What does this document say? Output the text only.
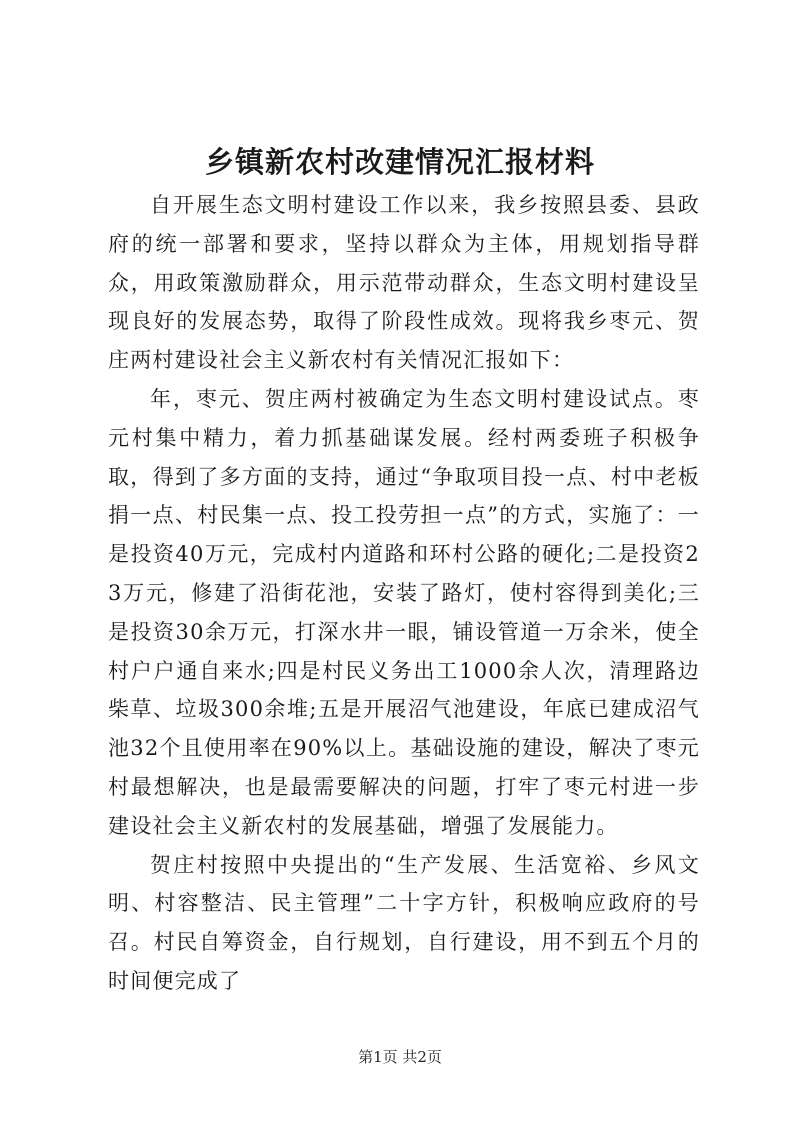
乡镇新农村改建情况汇报材料

自开展生态文明村建设工作以来，我乡按照县委、县政府的统一部署和要求，坚持以群众为主体，用规划指导群众，用政策激励群众，用示范带动群众，生态文明村建设呈现良好的发展态势，取得了阶段性成效。现将我乡枣元、贺庄两村建设社会主义新农村有关情况汇报如下：

年，枣元、贺庄两村被确定为生态文明村建设试点。枣元村集中精力，着力抓基础谋发展。经村两委班子积极争取，得到了多方面的支持，通过“争取项目投一点、村中老板捐一点、村民集一点、投工投劳担一点”的方式，实施了：一是投资40万元，完成村内道路和环村公路的硬化;二是投资23万元，修建了沿街花池，安装了路灯，使村容得到美化;三是投资30余万元，打深水井一眼，铺设管道一万余米，使全村户户通自来水;四是村民义务出工1000余人次，清理路边柴草、垃圾300余堆;五是开展沼气池建设，年底已建成沼气池32个且使用率在90%以上。基础设施的建设，解决了枣元村最想解决，也是最需要解决的问题，打牢了枣元村进一步建设社会主义新农村的发展基础，增强了发展能力。

贺庄村按照中央提出的“生产发展、生活宽裕、乡风文明、村容整洁、民主管理”二十字方针，积极响应政府的号召。村民自筹资金，自行规划，自行建设，用不到五个月的时间便完成了

第1页 共2页
